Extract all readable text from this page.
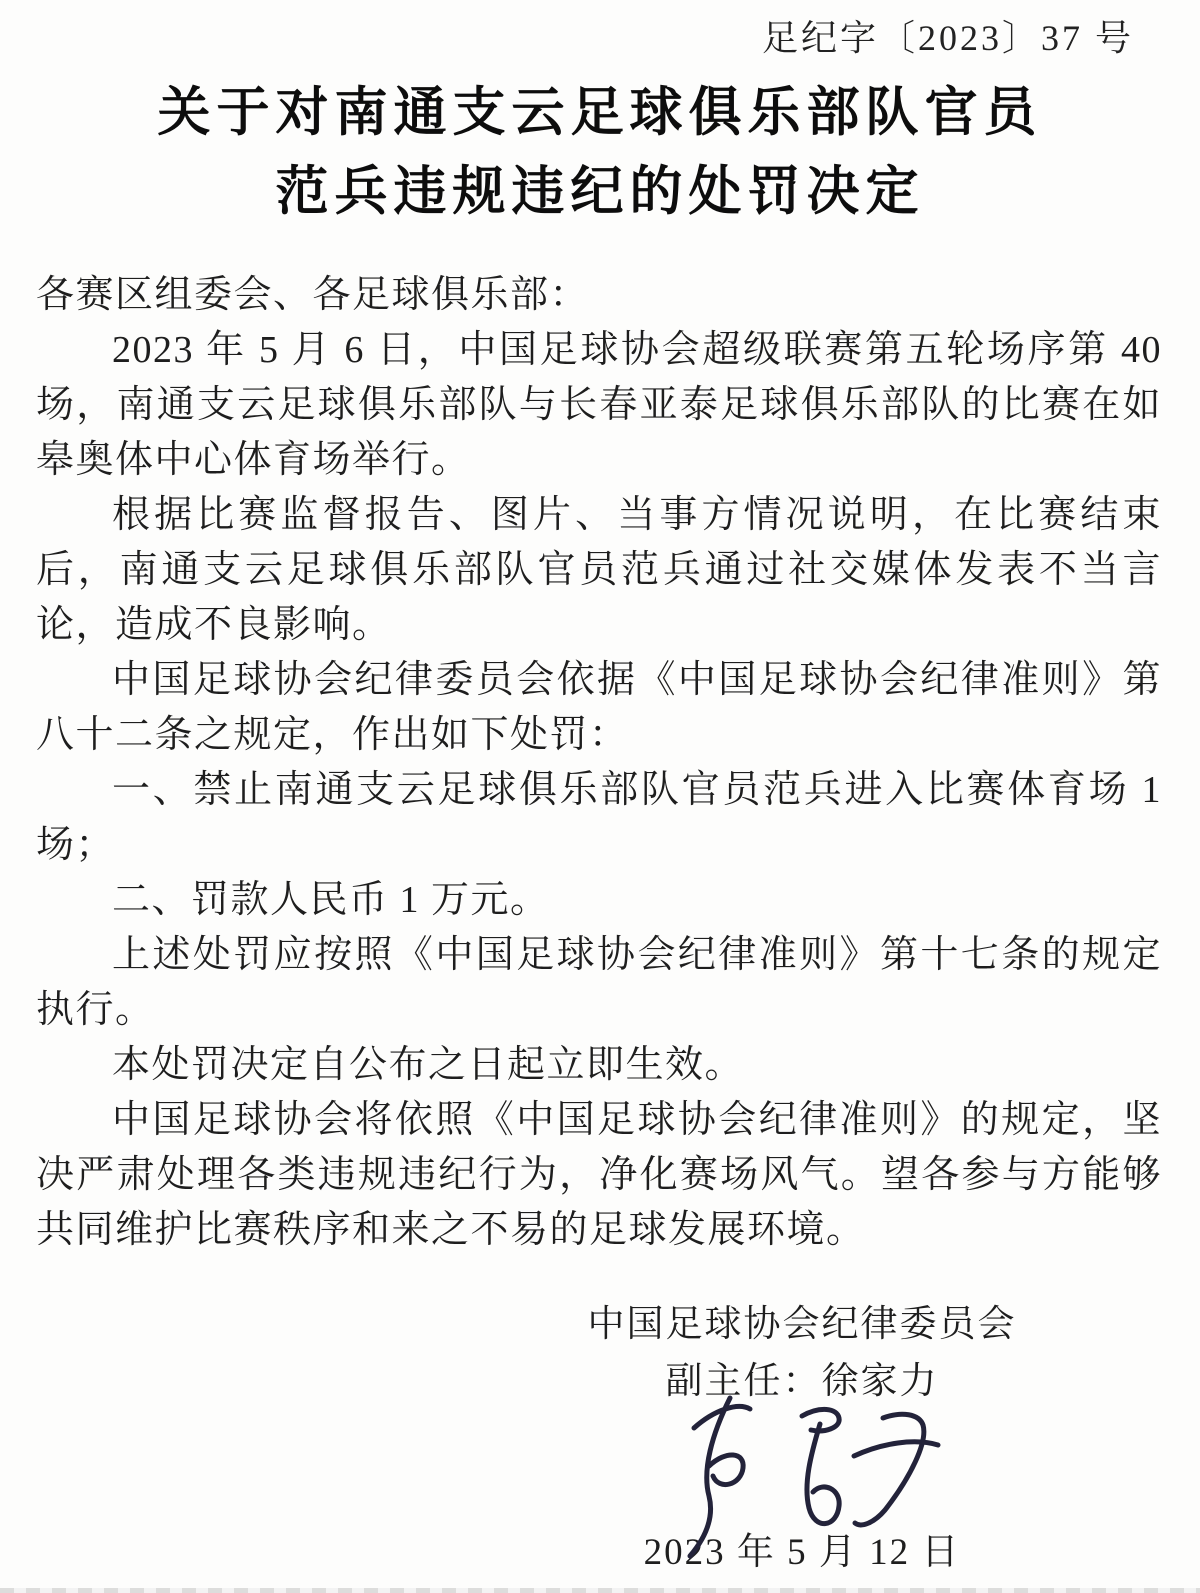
足纪字〔2023〕37 号
关于对南通支云足球俱乐部队官员
范兵违规违纪的处罚决定

各赛区组委会、各足球俱乐部：

2023 年 5 月 6 日，中国足球协会超级联赛第五轮场序第 40 场，南通支云足球俱乐部队与长春亚泰足球俱乐部队的比赛在如皋奥体中心体育场举行。

根据比赛监督报告、图片、当事方情况说明，在比赛结束后，南通支云足球俱乐部队官员范兵通过社交媒体发表不当言论，造成不良影响。

中国足球协会纪律委员会依据《中国足球协会纪律准则》第八十二条之规定，作出如下处罚：

一、禁止南通支云足球俱乐部队官员范兵进入比赛体育场 1 场；

二、罚款人民币 1 万元。

上述处罚应按照《中国足球协会纪律准则》第十七条的规定执行。

本处罚决定自公布之日起立即生效。

中国足球协会将依照《中国足球协会纪律准则》的规定，坚决严肃处理各类违规违纪行为，净化赛场风气。望各参与方能够共同维护比赛秩序和来之不易的足球发展环境。

中国足球协会纪律委员会

副主任：徐家力

2023 年 5 月 12 日
